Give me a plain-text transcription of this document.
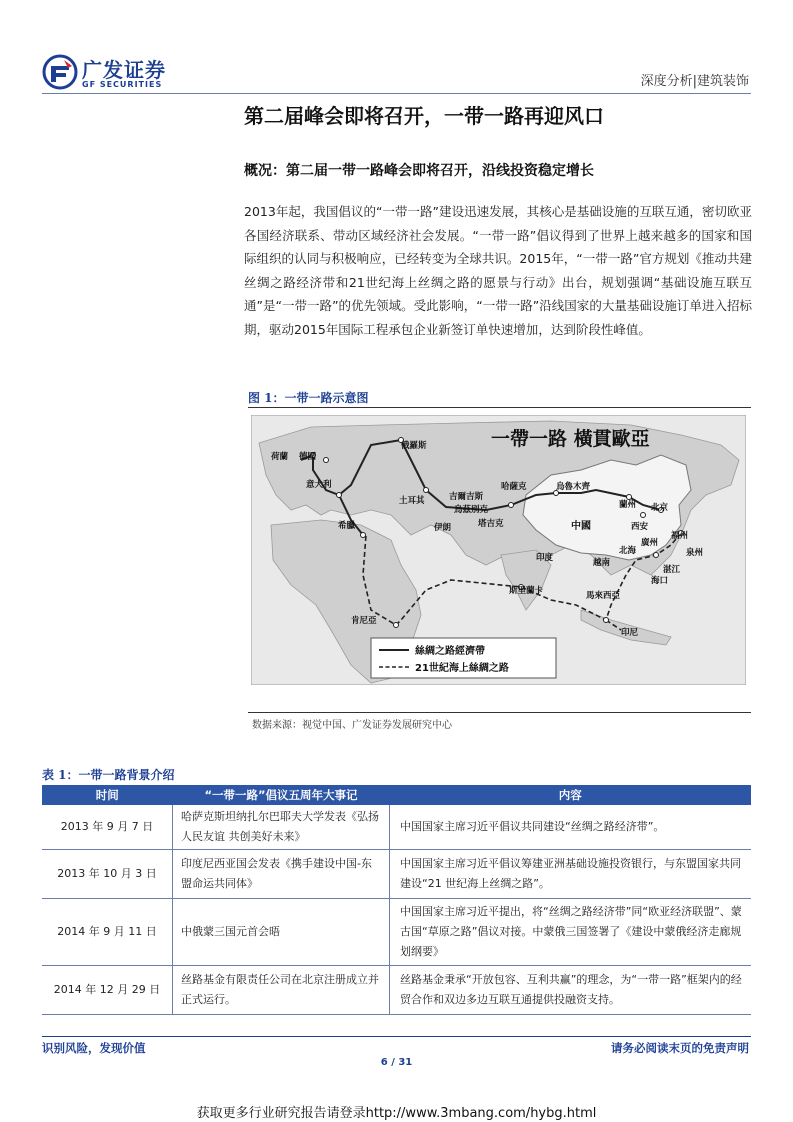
广发证券
GF SECURITIES	深度分析|建筑装饰
第二届峰会即将召开，一带一路再迎风口
概况：第二届一带一路峰会即将召开，沿线投资稳定增长
2013年起，我国倡议的“一带一路”建设迅速发展，其核心是基础设施的互联互通，密切欧亚各国经济联系、带动区域经济社会发展。“一带一路”倡议得到了世界上越来越多的国家和国际组织的认同与积极响应，已经转变为全球共识。2015年，“一带一路”官方规划《推动共建丝绸之路经济带和21世纪海上丝绸之路的愿景与行动》出台，规划强调“基础设施互联互通”是“一带一路”的优先领域。受此影响，“一带一路”沿线国家的大量基础设施订单进入招标期，驱动2015年国际工程承包企业新签订单快速增加，达到阶段性峰值。
图 1：一带一路示意图
一帶一路 橫貫歐亞
俄羅斯
荷蘭 德國
意大利
希臘
土耳其
伊朗
吉爾吉斯
哈薩克
烏茲別克
塔吉克
烏魯木齊
蘭州
西安
中國
北京
印度
北海
廣州
福州
泉州
湛江
海口
越南
斯里蘭卡	馬來西亞
印尼
肯尼亞
絲綢之路經濟帶
21世紀海上絲綢之路
数据来源：视觉中国、广发证券发展研究中心
表 1：一带一路背景介绍
时间	“一带一路”倡议五周年大事记	内容
2013 年 9 月 7 日	哈萨克斯坦纳扎尔巴耶夫大学发表《弘扬人民友谊 共创美好未来》	中国国家主席习近平倡议共同建设“丝绸之路经济带”。
2013 年 10 月 3 日	印度尼西亚国会发表《携手建设中国-东盟命运共同体》	中国国家主席习近平倡议筹建亚洲基础设施投资银行，与东盟国家共同建设“21 世纪海上丝绸之路”。
2014 年 9 月 11 日	中俄蒙三国元首会晤	中国国家主席习近平提出，将“丝绸之路经济带”同“欧亚经济联盟”、蒙古国“草原之路”倡议对接。中蒙俄三国签署了《建设中蒙俄经济走廊规划纲要》
2014 年 12 月 29 日	丝路基金有限责任公司在北京注册成立并正式运行。	丝路基金秉承“开放包容、互利共赢”的理念，为“一带一路”框架内的经贸合作和双边多边互联互通提供投融资支持。
识别风险，发现价值	请务必阅读末页的免责声明
6 / 31
获取更多行业研究报告请登录http://www.3mbang.com/hybg.html
